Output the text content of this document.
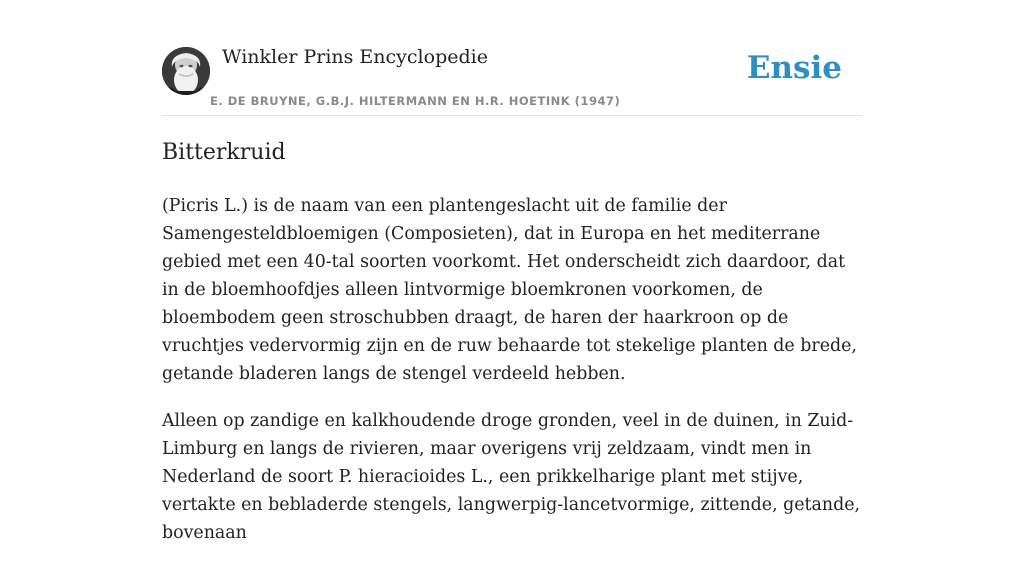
Winkler Prins Encyclopedie
E. DE BRUYNE, G.B.J. HILTERMANN EN H.R. HOETINK (1947)
Ensie
Bitterkruid

(Picris L.) is de naam van een plantengeslacht uit de familie der Samengesteldbloemigen (Composieten), dat in Europa en het mediterrane gebied met een 40-tal soorten voorkomt. Het onderscheidt zich daardoor, dat in de bloemhoofdjes alleen lintvormige bloemkronen voorkomen, de bloembodem geen stroschubben draagt, de haren der haarkroon op de vruchtjes vedervormig zijn en de ruw behaarde tot stekelige planten de brede, getande bladeren langs de stengel verdeeld hebben.

Alleen op zandige en kalkhoudende droge gronden, veel in de duinen, in Zuid-Limburg en langs de rivieren, maar overigens vrij zeldzaam, vindt men in Nederland de soort P. hieracioides L., een prikkelharige plant met stijve, vertakte en bebladerde stengels, langwerpig-lancetvormige, zittende, getande, bovenaan
